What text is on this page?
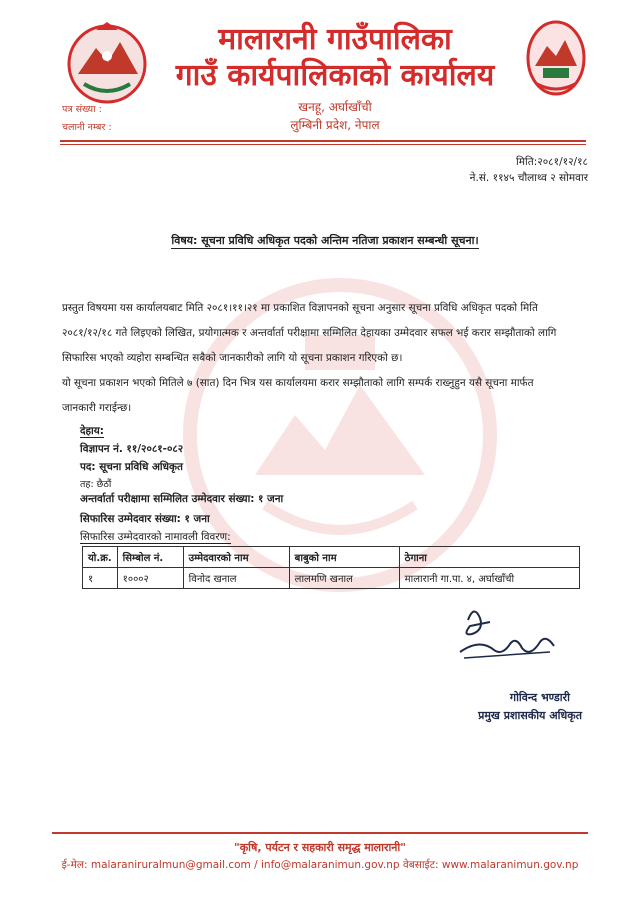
मालारानी गाउँपालिका
गाउँ कार्यपालिकाको कार्यालय
खनहू, अर्घाखाँची
लुम्बिनी प्रदेश, नेपाल
पत्र संख्या :
चलानी नम्बर :
मिति:२०८१/१२/१८
ने.सं. ११४५ चौलाथ्व २ सोमवार
विषय: सूचना प्रविधि अधिकृत पदको अन्तिम नतिजा प्रकाशन सम्बन्धी सूचना।
प्रस्तुत विषयमा यस कार्यालयबाट मिति २०८१।११।२१ मा प्रकाशित विज्ञापनको सूचना अनुसार सूचना प्रविधि अधिकृत पदको मिति
२०८१/१२/१८ गते लिइएको लिखित, प्रयोगात्मक र अन्तर्वार्ता परीक्षामा सम्मिलित देहायका उम्मेदवार सफल भई करार सम्झौताको लागि
सिफारिस भएको व्यहोरा सम्बन्धित सबैको जानकारीको लागि यो सूचना प्रकाशन गरिएको छ।
यो सूचना प्रकाशन भएको मितिले ७ (सात) दिन भित्र यस कार्यालयमा करार सम्झौताको लागि सम्पर्क राख्नुहुन यसै सूचना मार्फत
जानकारी गराईन्छ।
देहाय:
विज्ञापन नं. ११/२०८१-०८२
पद: सूचना प्रविधि अधिकृत
तह: छैठौं
अन्तर्वार्ता परीक्षामा सम्मिलित उम्मेदवार संख्या: १ जना
सिफारिस उम्मेदवार संख्या: १ जना
सिफारिस उम्मेदवारको नामावली विवरण:
यो.क्र.	सिम्बोल नं.	उम्मेदवारको नाम	बाबुको नाम	ठेगाना
१	१०००२	विनोद खनाल	लालमणि खनाल	मालारानी गा.पा. ४, अर्घाखाँची
गोविन्द भण्डारी
प्रमुख प्रशासकीय अधिकृत
"कृषि, पर्यटन र सहकारी समृद्ध मालारानी"
ई-मेल: malaraniruralmun@gmail.com / info@malaranimun.gov.np वेबसाईट: www.malaranimun.gov.np
